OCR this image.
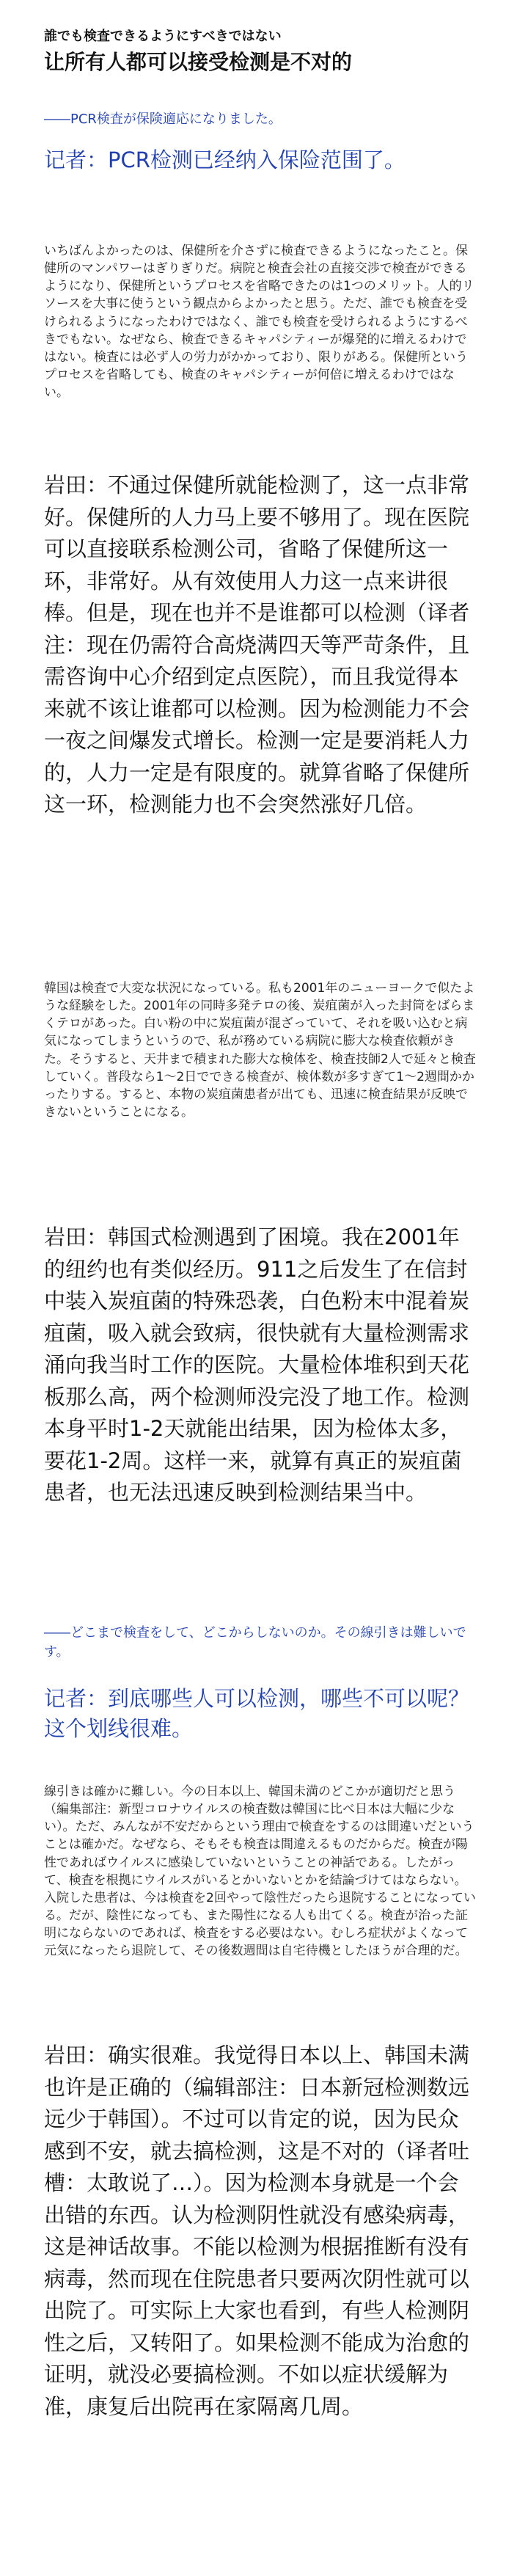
誰でも検査できるようにすべきではない
让所有人都可以接受检测是不对的

――PCR検査が保険適応になりました。

记者：PCR检测已经纳入保险范围了。

いちばんよかったのは、保健所を介さずに検査できるようになったこと。保健所のマンパワーはぎりぎりだ。病院と検査会社の直接交渉で検査ができるようになり、保健所というプロセスを省略できたのは1つのメリット。人的リソースを大事に使うという観点からよかったと思う。ただ、誰でも検査を受けられるようになったわけではなく、誰でも検査を受けられるようにするべきでもない。なぜなら、検査できるキャパシティーが爆発的に増えるわけではない。検査には必ず人の労力がかかっており、限りがある。保健所というプロセスを省略しても、検査のキャパシティーが何倍に増えるわけではない。

岩田：不通过保健所就能检测了，这一点非常好。保健所的人力马上要不够用了。现在医院可以直接联系检测公司，省略了保健所这一环，非常好。从有效使用人力这一点来讲很棒。但是，现在也并不是谁都可以检测（译者注：现在仍需符合高烧满四天等严苛条件，且需咨询中心介绍到定点医院），而且我觉得本来就不该让谁都可以检测。因为检测能力不会一夜之间爆发式增长。检测一定是要消耗人力的，人力一定是有限度的。就算省略了保健所这一环，检测能力也不会突然涨好几倍。

韓国は検査で大変な状況になっている。私も2001年のニューヨークで似たような経験をした。2001年の同時多発テロの後、炭疽菌が入った封筒をばらまくテロがあった。白い粉の中に炭疽菌が混ざっていて、それを吸い込むと病気になってしまうというので、私が務めている病院に膨大な検査依頼がきた。そうすると、天井まで積まれた膨大な検体を、検査技師2人で延々と検査していく。普段なら1〜2日でできる検査が、検体数が多すぎて1〜2週間かかったりする。すると、本物の炭疽菌患者が出ても、迅速に検査結果が反映できないということになる。

岩田：韩国式检测遇到了困境。我在2001年的纽约也有类似经历。911之后发生了在信封中装入炭疽菌的特殊恐袭，白色粉末中混着炭疽菌，吸入就会致病，很快就有大量检测需求涌向我当时工作的医院。大量检体堆积到天花板那么高，两个检测师没完没了地工作。检测本身平时1-2天就能出结果，因为检体太多，要花1-2周。这样一来，就算有真正的炭疽菌患者，也无法迅速反映到检测结果当中。

――どこまで検査をして、どこからしないのか。その線引きは難しいです。

记者：到底哪些人可以检测，哪些不可以呢？这个划线很难。

線引きは確かに難しい。今の日本以上、韓国未満のどこかが適切だと思う（編集部注：新型コロナウイルスの検査数は韓国に比べ日本は大幅に少ない）。ただ、みんなが不安だからという理由で検査をするのは間違いだということは確かだ。なぜなら、そもそも検査は間違えるものだからだ。検査が陽性であればウイルスに感染していないということの神話である。したがって、検査を根拠にウイルスがいるとかいないとかを結論づけてはならない。入院した患者は、今は検査を2回やって陰性だったら退院することになっている。だが、陰性になっても、また陽性になる人も出てくる。検査が治った証明にならないのであれば、検査をする必要はない。むしろ症状がよくなって元気になったら退院して、その後数週間は自宅待機としたほうが合理的だ。

岩田：确实很难。我觉得日本以上、韩国未满也许是正确的（编辑部注：日本新冠检测数远远少于韩国）。不过可以肯定的说，因为民众感到不安，就去搞检测，这是不对的（译者吐槽：太敢说了…）。因为检测本身就是一个会出错的东西。认为检测阴性就没有感染病毒，这是神话故事。不能以检测为根据推断有没有病毒，然而现在住院患者只要两次阴性就可以出院了。可实际上大家也看到，有些人检测阴性之后，又转阳了。如果检测不能成为治愈的证明，就没必要搞检测。不如以症状缓解为准，康复后出院再在家隔离几周。
